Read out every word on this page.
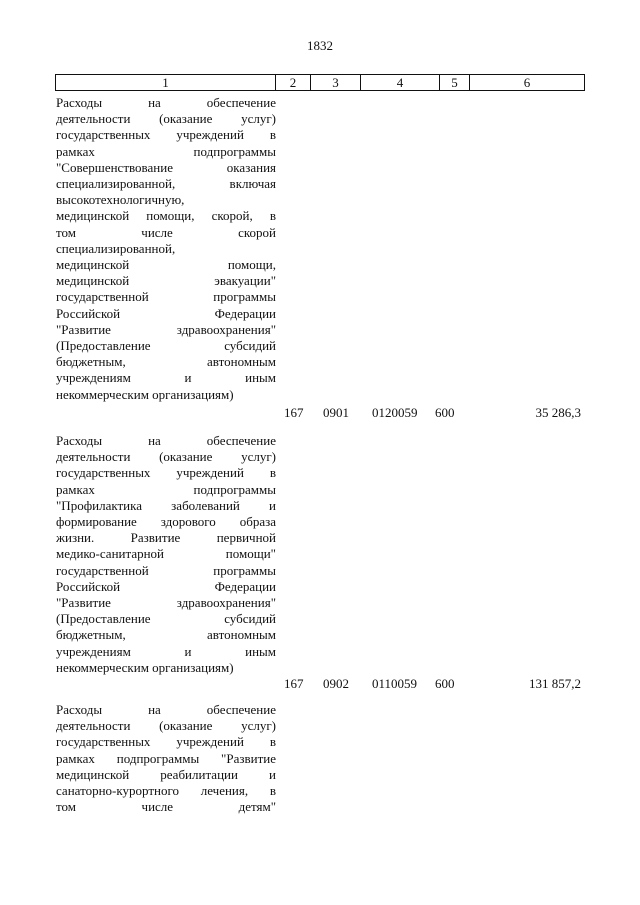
1832
1	2	3	4	5	6
Расходы на обеспечение
деятельности (оказание услуг)
государственных учреждений в
рамках подпрограммы
"Совершенствование оказания
специализированной, включая
высокотехнологичную,
медицинской помощи, скорой, в
том числе скорой
специализированной,
медицинской помощи,
медицинской эвакуации"
государственной программы
Российской Федерации
"Развитие здравоохранения"
(Предоставление субсидий
бюджетным, автономным
учреждениям и иным
некоммерческим организациям)
167 0901 0120059 600	35 286,3
Расходы на обеспечение
деятельности (оказание услуг)
государственных учреждений в
рамках подпрограммы
"Профилактика заболеваний и
формирование здорового образа
жизни. Развитие первичной
медико-санитарной помощи"
государственной программы
Российской Федерации
"Развитие здравоохранения"
(Предоставление субсидий
бюджетным, автономным
учреждениям и иным
некоммерческим организациям)
167 0902 0110059 600	131 857,2
Расходы на обеспечение
деятельности (оказание услуг)
государственных учреждений в
рамках подпрограммы "Развитие
медицинской реабилитации и
санаторно-курортного лечения, в
том числе детям"
